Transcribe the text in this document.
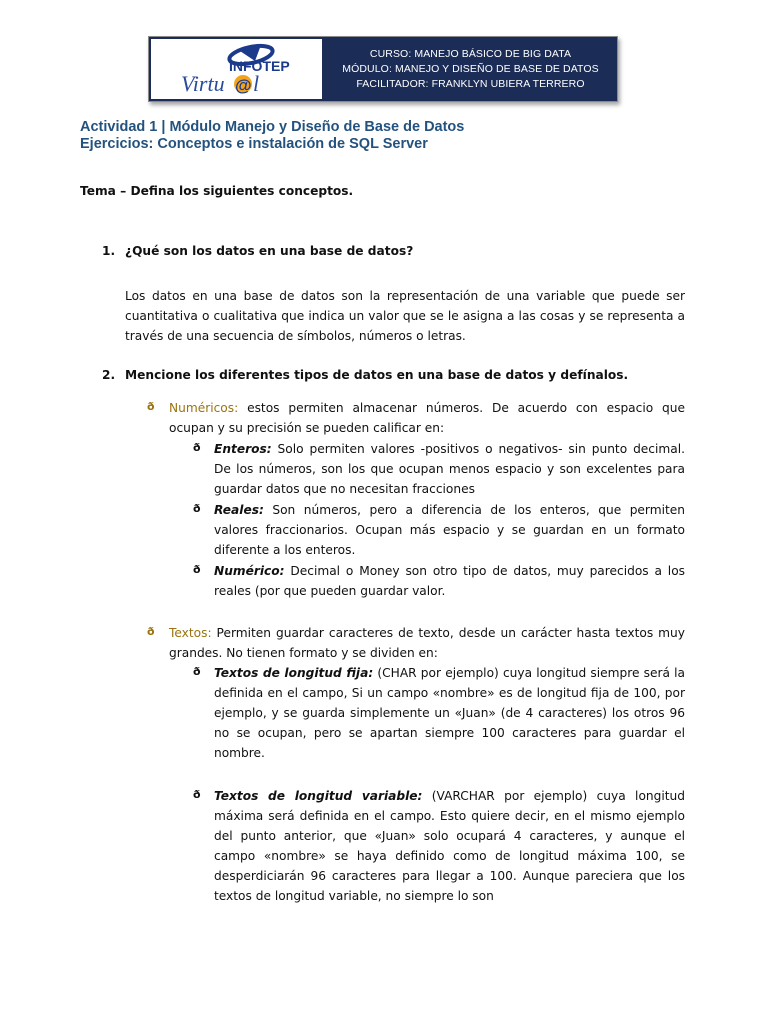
INFOTEP
Virtu @ l
CURSO: MANEJO BÁSICO DE BIG DATA
MÓDULO: MANEJO Y DISEÑO DE BASE DE DATOS
FACILITADOR: FRANKLYN UBIERA TERRERO
Actividad 1 | Módulo Manejo y Diseño de Base de Datos
Ejercicios: Conceptos e instalación de SQL Server
Tema – Defina los siguientes conceptos.
1. ¿Qué son los datos en una base de datos?
Los datos en una base de datos son la representación de una variable que puede ser cuantitativa o cualitativa que indica un valor que se le asigna a las cosas y se representa a través de una secuencia de símbolos, números o letras.
2. Mencione los diferentes tipos de datos en una base de datos y defínalos.
ð Numéricos: estos permiten almacenar números. De acuerdo con espacio que ocupan y su precisión se pueden calificar en:
ð Enteros: Solo permiten valores -positivos o negativos- sin punto decimal. De los números, son los que ocupan menos espacio y son excelentes para guardar datos que no necesitan fracciones
ð Reales: Son números, pero a diferencia de los enteros, que permiten valores fraccionarios. Ocupan más espacio y se guardan en un formato diferente a los enteros.
ð Numérico: Decimal o Money son otro tipo de datos, muy parecidos a los reales (por que pueden guardar valor.
ð Textos: Permiten guardar caracteres de texto, desde un carácter hasta textos muy grandes. No tienen formato y se dividen en:
ð Textos de longitud fija: (CHAR por ejemplo) cuya longitud siempre será la definida en el campo, Si un campo «nombre» es de longitud fija de 100, por ejemplo, y se guarda simplemente un «Juan» (de 4 caracteres) los otros 96 no se ocupan, pero se apartan siempre 100 caracteres para guardar el nombre.
ð Textos de longitud variable: (VARCHAR por ejemplo) cuya longitud máxima será definida en el campo. Esto quiere decir, en el mismo ejemplo del punto anterior, que «Juan» solo ocupará 4 caracteres, y aunque el campo «nombre» se haya definido como de longitud máxima 100, se desperdiciarán 96 caracteres para llegar a 100. Aunque pareciera que los textos de longitud variable, no siempre lo son
